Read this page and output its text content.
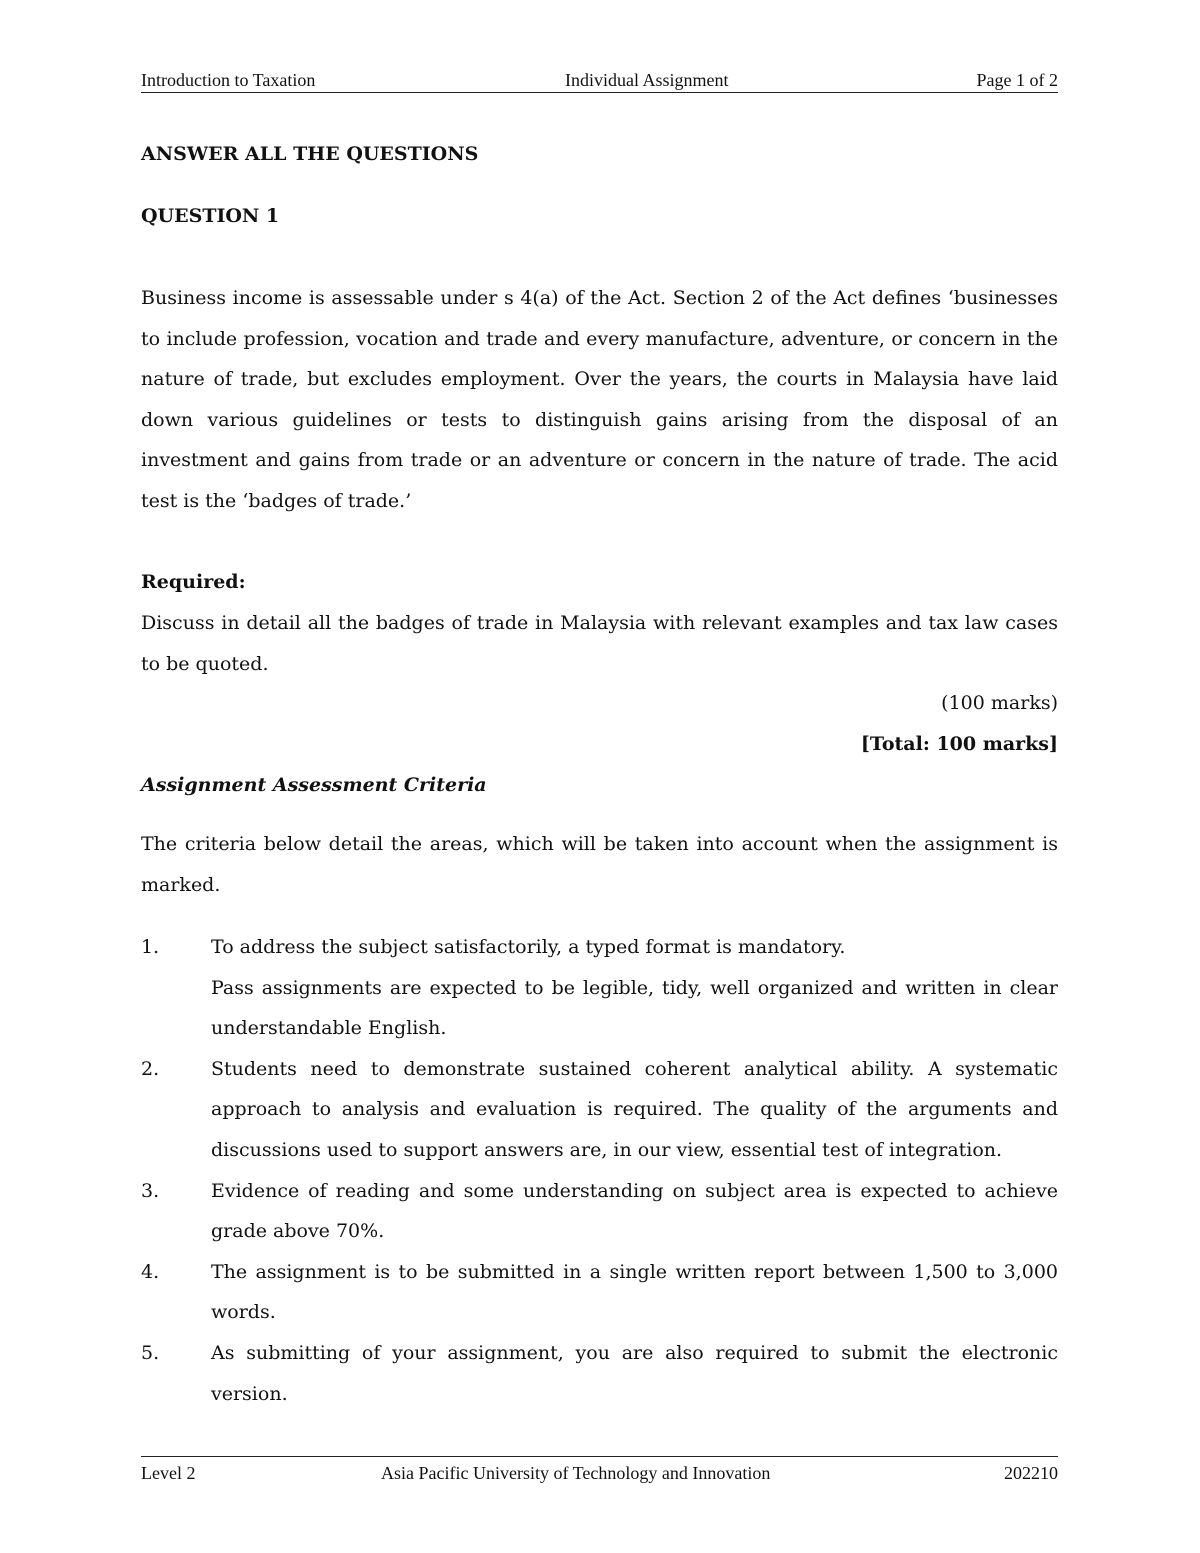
Introduction to Taxation	Individual Assignment	Page 1 of 2
ANSWER ALL THE QUESTIONS
QUESTION 1
Business income is assessable under s 4(a) of the Act. Section 2 of the Act defines ‘businesses to include profession, vocation and trade and every manufacture, adventure, or concern in the nature of trade, but excludes employment. Over the years, the courts in Malaysia have laid down various guidelines or tests to distinguish gains arising from the disposal of an investment and gains from trade or an adventure or concern in the nature of trade. The acid test is the ‘badges of trade.’
Required:
Discuss in detail all the badges of trade in Malaysia with relevant examples and tax law cases to be quoted.
(100 marks)
[Total: 100 marks]
Assignment Assessment Criteria
The criteria below detail the areas, which will be taken into account when the assignment is marked.
1.	To address the subject satisfactorily, a typed format is mandatory.
Pass assignments are expected to be legible, tidy, well organized and written in clear understandable English.
2.	Students need to demonstrate sustained coherent analytical ability. A systematic approach to analysis and evaluation is required. The quality of the arguments and discussions used to support answers are, in our view, essential test of integration.
3.	Evidence of reading and some understanding on subject area is expected to achieve grade above 70%.
4.	The assignment is to be submitted in a single written report between 1,500 to 3,000 words.
5.	As submitting of your assignment, you are also required to submit the electronic version.
Level 2	Asia Pacific University of Technology and Innovation	202210
